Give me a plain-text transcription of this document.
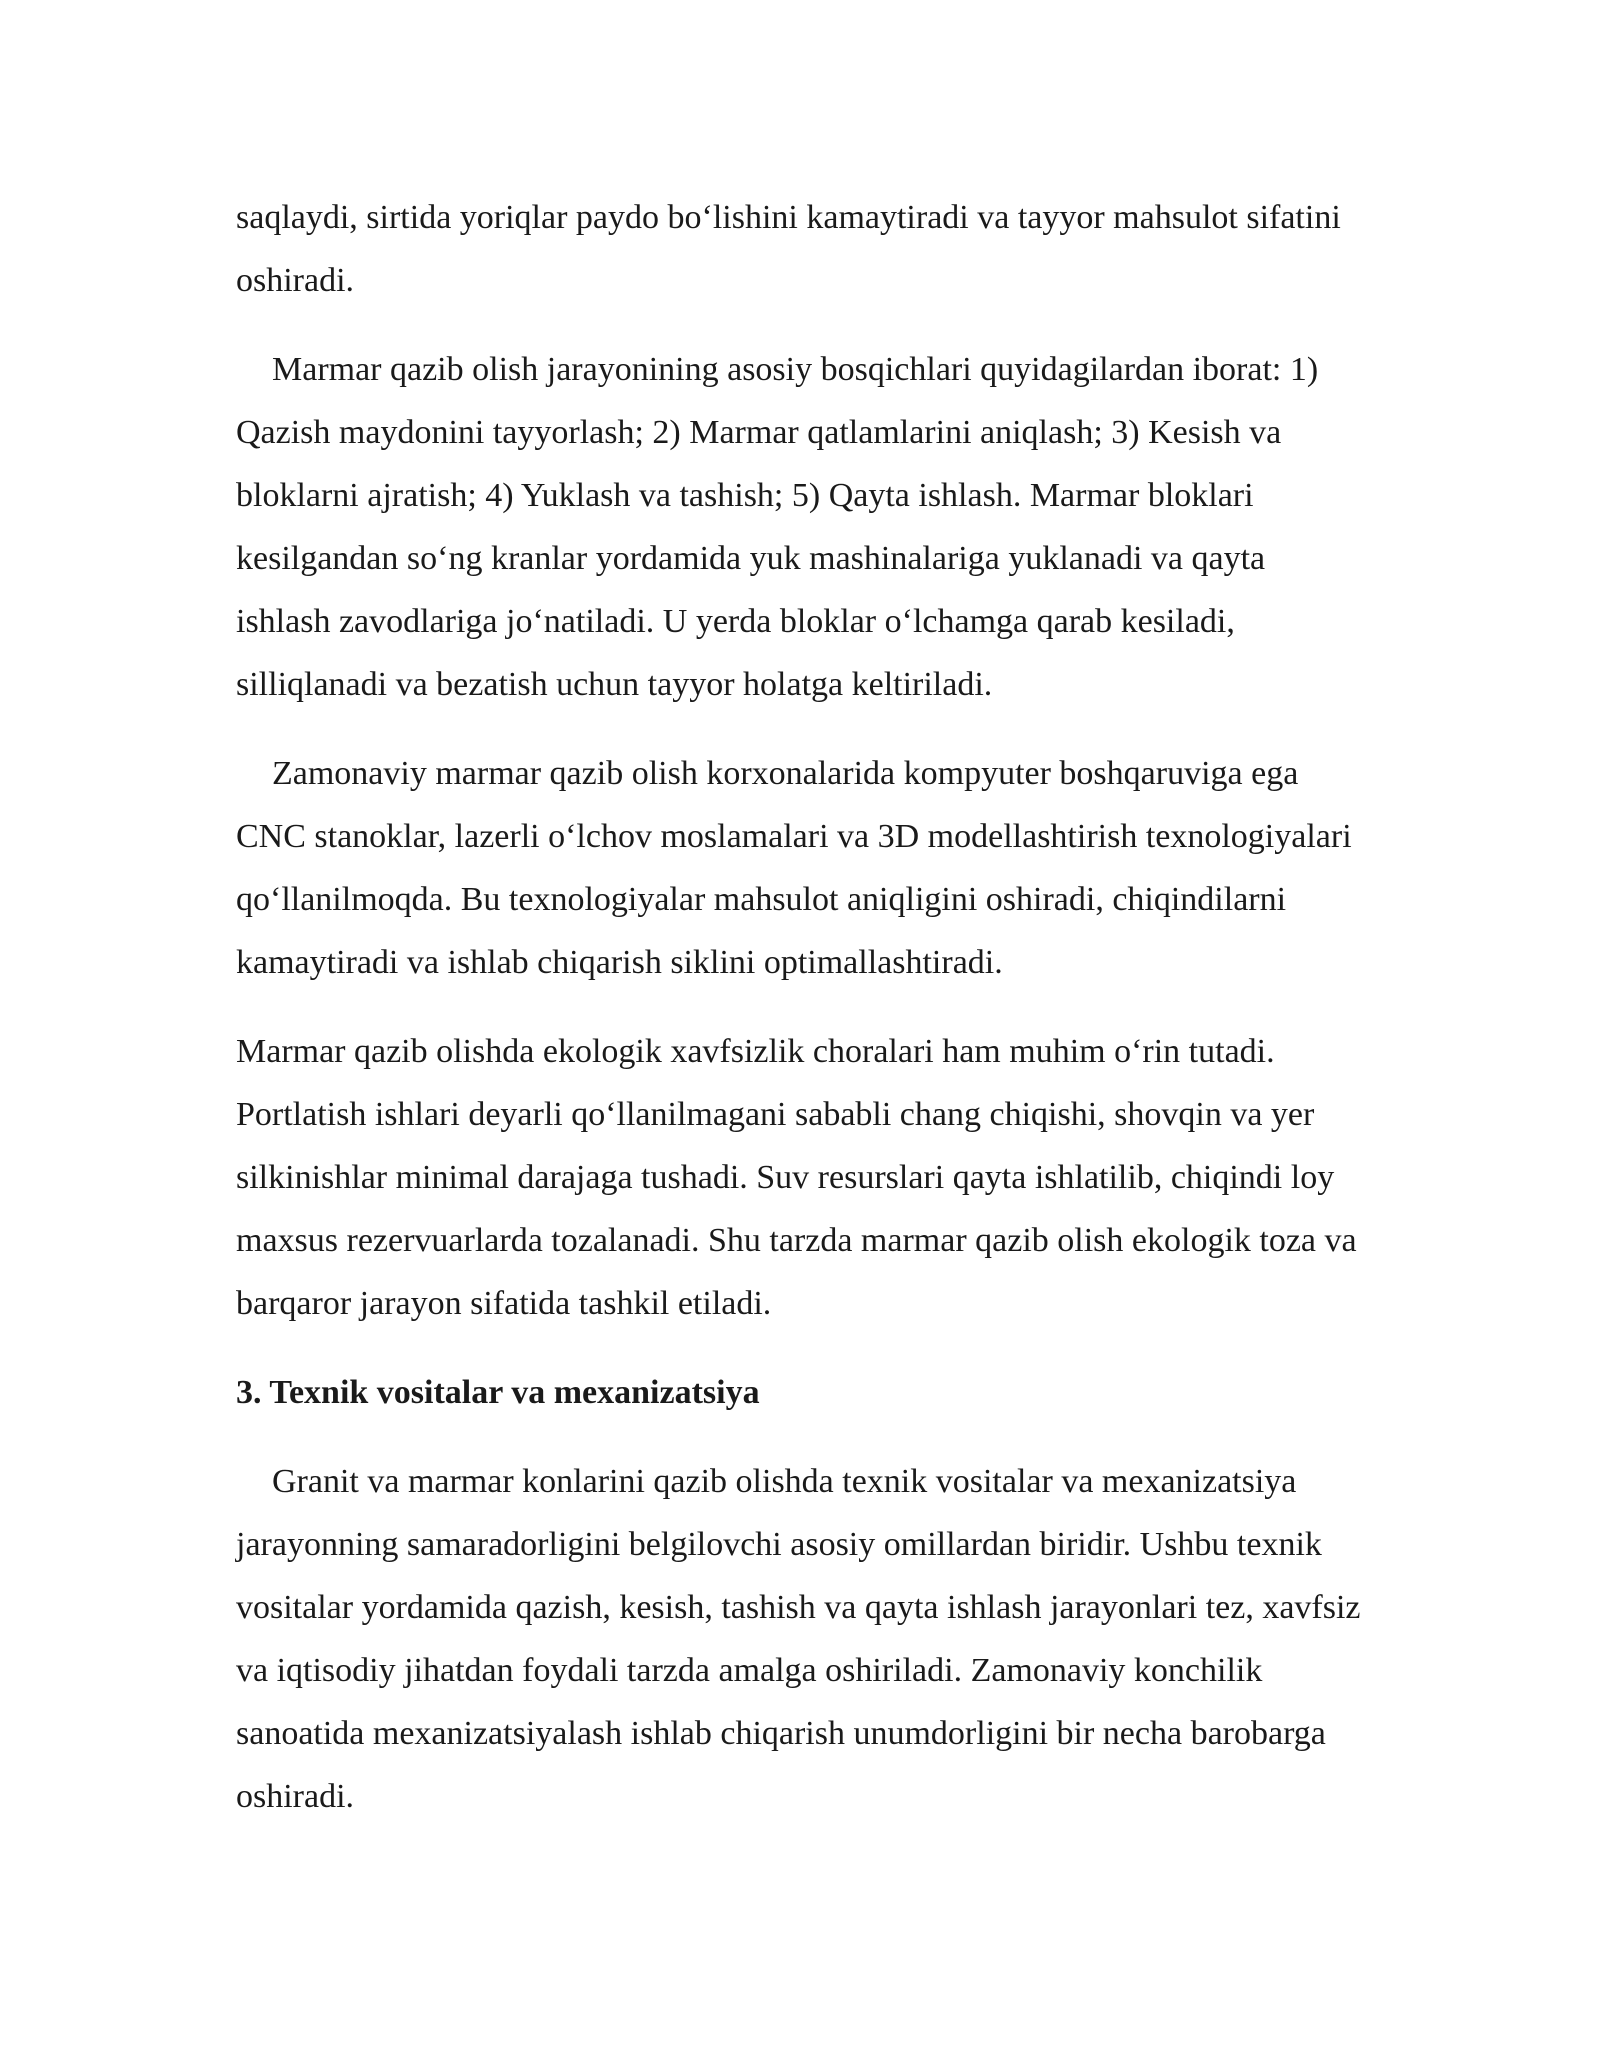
saqlaydi, sirtida yoriqlar paydo bo‘lishini kamaytiradi va tayyor mahsulot sifatini oshiradi.

Marmar qazib olish jarayonining asosiy bosqichlari quyidagilardan iborat: 1) Qazish maydonini tayyorlash; 2) Marmar qatlamlarini aniqlash; 3) Kesish va bloklarni ajratish; 4) Yuklash va tashish; 5) Qayta ishlash. Marmar bloklari kesilgandan so‘ng kranlar yordamida yuk mashinalariga yuklanadi va qayta ishlash zavodlariga jo‘natiladi. U yerda bloklar o‘lchamga qarab kesiladi, silliqlanadi va bezatish uchun tayyor holatga keltiriladi.

Zamonaviy marmar qazib olish korxonalarida kompyuter boshqaruviga ega CNC stanoklar, lazerli o‘lchov moslamalari va 3D modellashtirish texnologiyalari qo‘llanilmoqda. Bu texnologiyalar mahsulot aniqligini oshiradi, chiqindilarni kamaytiradi va ishlab chiqarish siklini optimallashtiradi.

Marmar qazib olishda ekologik xavfsizlik choralari ham muhim o‘rin tutadi. Portlatish ishlari deyarli qo‘llanilmagani sababli chang chiqishi, shovqin va yer silkinishlar minimal darajaga tushadi. Suv resurslari qayta ishlatilib, chiqindi loy maxsus rezervuarlarda tozalanadi. Shu tarzda marmar qazib olish ekologik toza va barqaror jarayon sifatida tashkil etiladi.

3. Texnik vositalar va mexanizatsiya

Granit va marmar konlarini qazib olishda texnik vositalar va mexanizatsiya jarayonning samaradorligini belgilovchi asosiy omillardan biridir. Ushbu texnik vositalar yordamida qazish, kesish, tashish va qayta ishlash jarayonlari tez, xavfsiz va iqtisodiy jihatdan foydali tarzda amalga oshiriladi. Zamonaviy konchilik sanoatida mexanizatsiyalash ishlab chiqarish unumdorligini bir necha barobarga oshiradi.
